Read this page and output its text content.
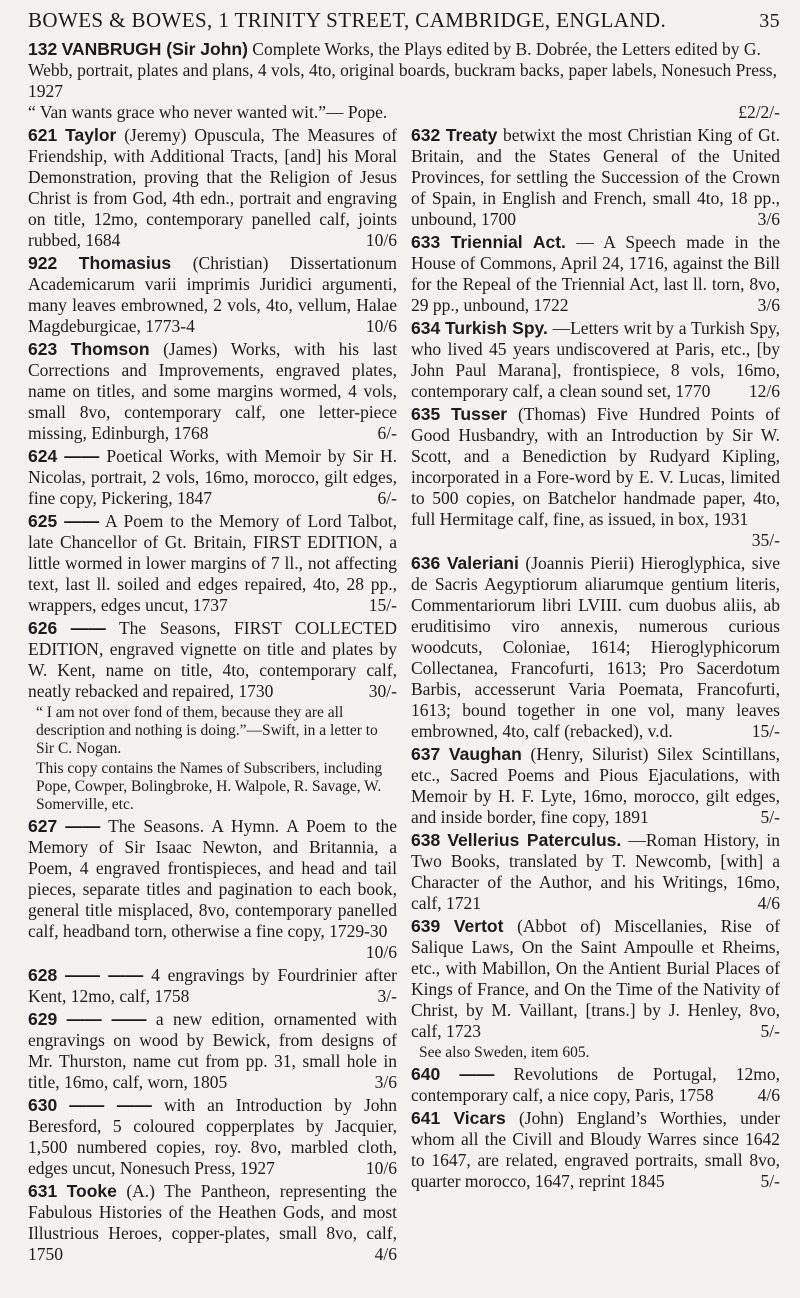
BOWES & BOWES, 1 TRINITY STREET, CAMBRIDGE, ENGLAND.	35
132 VANBRUGH (Sir John) Complete Works, the Plays edited by B. Dobrée, the Letters edited by G. Webb, portrait, plates and plans, 4 vols, 4to, original boards, buckram backs, paper labels, Nonesuch Press, 1927
“ Van wants grace who never wanted wit.”— Pope.	£2/2/-
621 Taylor (Jeremy) Opuscula, The Measures of Friendship, with Additional Tracts, [and] his Moral Demonstration, proving that the Religion of Jesus Christ is from God, 4th edn., portrait and engraving on title, 12mo, contemporary panelled calf, joints rubbed, 1684	10/6
922 Thomasius (Christian) Dissertationum Academicarum varii imprimis Juridici argumenti, many leaves embrowned, 2 vols, 4to, vellum, Halae Magdeburgicae, 1773-4	10/6
623 Thomson (James) Works, with his last Corrections and Improvements, engraved plates, name on titles, and some margins wormed, 4 vols, small 8vo, contemporary calf, one letter-piece missing, Edinburgh, 1768	6/-
624 —— Poetical Works, with Memoir by Sir H. Nicolas, portrait, 2 vols, 16mo, morocco, gilt edges, fine copy, Pickering, 1847	6/-
625 —— A Poem to the Memory of Lord Talbot, late Chancellor of Gt. Britain, FIRST EDITION, a little wormed in lower margins of 7 ll., not affecting text, last ll. soiled and edges repaired, 4to, 28 pp., wrappers, edges uncut, 1737	15/-
626 —— The Seasons, FIRST COLLECTED EDITION, engraved vignette on title and plates by W. Kent, name on title, 4to, contemporary calf, neatly rebacked and repaired, 1730	30/-
“ I am not over fond of them, because they are all description and nothing is doing.”—Swift, in a letter to Sir C. Nogan.
This copy contains the Names of Subscribers, including Pope, Cowper, Bolingbroke, H. Walpole, R. Savage, W. Somerville, etc.
627 —— The Seasons. A Hymn. A Poem to the Memory of Sir Isaac Newton, and Britannia, a Poem, 4 engraved frontispieces, and head and tail pieces, separate titles and pagination to each book, general title misplaced, 8vo, contemporary panelled calf, headband torn, otherwise a fine copy, 1729-30
10/6
628 —— —— 4 engravings by Fourdrinier after Kent, 12mo, calf, 1758	3/-
629 —— —— a new edition, ornamented with engravings on wood by Bewick, from designs of Mr. Thurston, name cut from pp. 31, small hole in title, 16mo, calf, worn, 1805	3/6
630 —— —— with an Introduction by John Beresford, 5 coloured copperplates by Jacquier, 1,500 numbered copies, roy. 8vo, marbled cloth, edges uncut, Nonesuch Press, 1927	10/6
631 Tooke (A.) The Pantheon, representing the Fabulous Histories of the Heathen Gods, and most Illustrious Heroes, copper-plates, small 8vo, calf, 1750	4/6
632 Treaty betwixt the most Christian King of Gt. Britain, and the States General of the United Provinces, for settling the Succession of the Crown of Spain, in English and French, small 4to, 18 pp., unbound, 1700	3/6
633 Triennial Act. — A Speech made in the House of Commons, April 24, 1716, against the Bill for the Repeal of the Triennial Act, last ll. torn, 8vo, 29 pp., unbound, 1722	3/6
634 Turkish Spy. —Letters writ by a Turkish Spy, who lived 45 years undiscovered at Paris, etc., [by John Paul Marana], frontispiece, 8 vols, 16mo, contemporary calf, a clean sound set, 1770 12/6
635 Tusser (Thomas) Five Hundred Points of Good Husbandry, with an Introduction by Sir W. Scott, and a Benediction by Rudyard Kipling, incorporated in a Fore-word by E. V. Lucas, limited to 500 copies, on Batchelor handmade paper, 4to, full Hermitage calf, fine, as issued, in box, 1931
35/-
636 Valeriani (Joannis Pierii) Hieroglyphica, sive de Sacris Aegyptiorum aliarumque gentium literis, Commentariorum libri LVIII. cum duobus aliis, ab eruditisimo viro annexis, numerous curious woodcuts, Coloniae, 1614; Hieroglyphicorum Collectanea, Francofurti, 1613; Pro Sacerdotum Barbis, accesserunt Varia Poemata, Francofurti, 1613; bound together in one vol, many leaves embrowned, 4to, calf (rebacked), v.d.	15/-
637 Vaughan (Henry, Silurist) Silex Scintillans, etc., Sacred Poems and Pious Ejaculations, with Memoir by H. F. Lyte, 16mo, morocco, gilt edges, and inside border, fine copy, 1891	5/-
638 Vellerius Paterculus. —Roman History, in Two Books, translated by T. Newcomb, [with] a Character of the Author, and his Writings, 16mo, calf, 1721	4/6
639 Vertot (Abbot of) Miscellanies, Rise of Salique Laws, On the Saint Ampoulle et Rheims, etc., with Mabillon, On the Antient Burial Places of Kings of France, and On the Time of the Nativity of Christ, by M. Vaillant, [trans.] by J. Henley, 8vo, calf, 1723	5/-
See also Sweden, item 605.
640 —— Revolutions de Portugal, 12mo, contemporary calf, a nice copy, Paris, 1758	4/6
641 Vicars (John) England’s Worthies, under whom all the Civill and Bloudy Warres since 1642 to 1647, are related, engraved portraits, small 8vo, quarter morocco, 1647, reprint 1845	5/-
